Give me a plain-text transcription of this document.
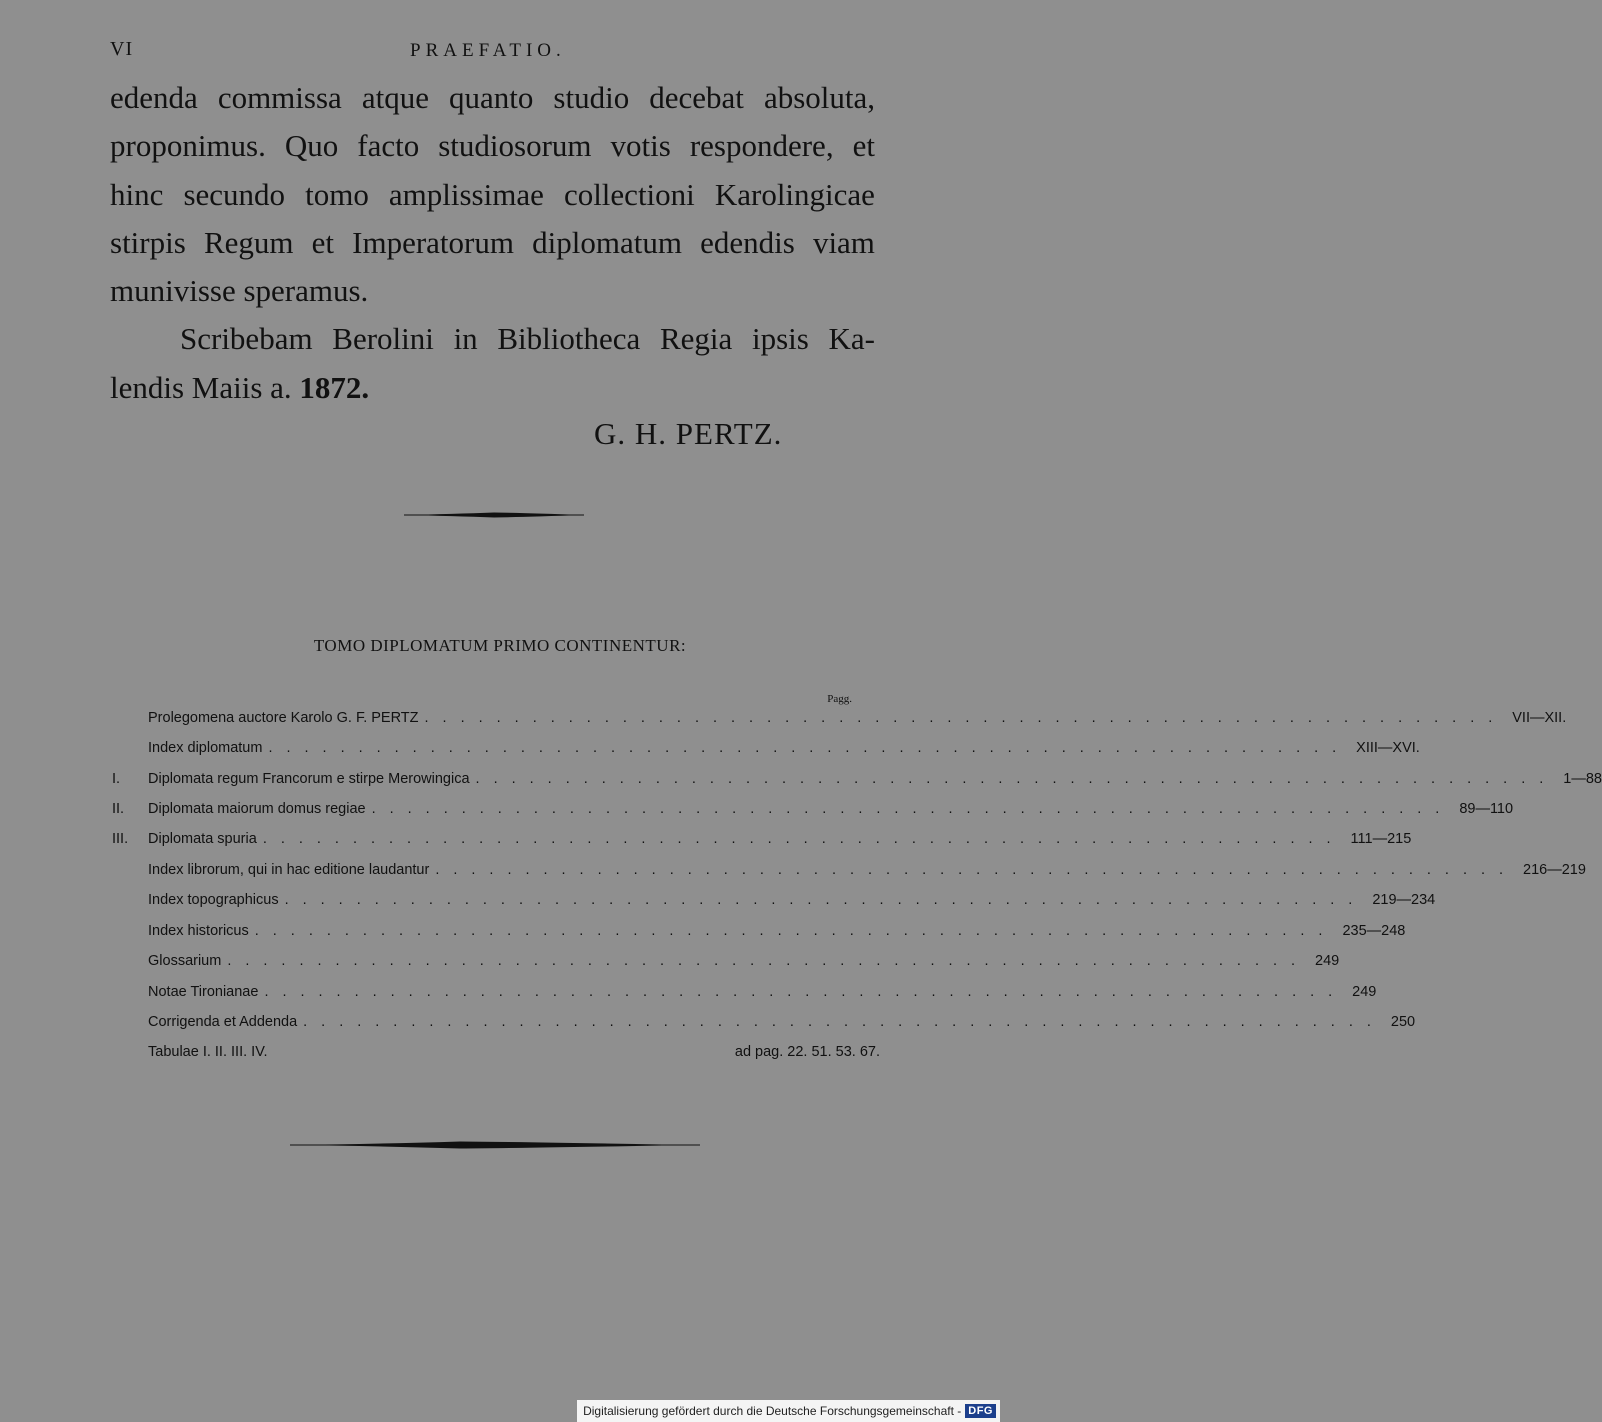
VI	PRAEFATIO.
edenda commissa atque quanto studio decebat absoluta,
proponimus. Quo facto studiosorum votis respondere, et
hinc secundo tomo amplissimae collectioni Karolingicae
stirpis Regum et Imperatorum diplomatum edendis viam
munivisse speramus.
Scribebam Berolini in Bibliotheca Regia ipsis Ka-
lendis Maiis a. 1872.
G. H. PERTZ.
TOMO DIPLOMATUM PRIMO CONTINENTUR:
Pagg.
Prolegomena auctore Karolo G. F. PERTZ ............................................................ VII—XII.
Index diplomatum ............................................................ XIII—XVI.
I.	Diplomata regum Francorum e stirpe Merowingica ............................................................ 1—88
II.	Diplomata maiorum domus regiae ............................................................ 89—110
III.	Diplomata spuria ............................................................ 111—215
Index librorum, qui in hac editione laudantur ............................................................ 216—219
Index topographicus ............................................................ 219—234
Index historicus ............................................................ 235—248
Glossarium ............................................................ 249
Notae Tironianae ............................................................ 249
Corrigenda et Addenda ............................................................ 250
Tabulae I. II. III. IV.	ad pag. 22. 51. 53. 67.
Digitalisierung gefördert durch die Deutsche Forschungsgemeinschaft - DFG
